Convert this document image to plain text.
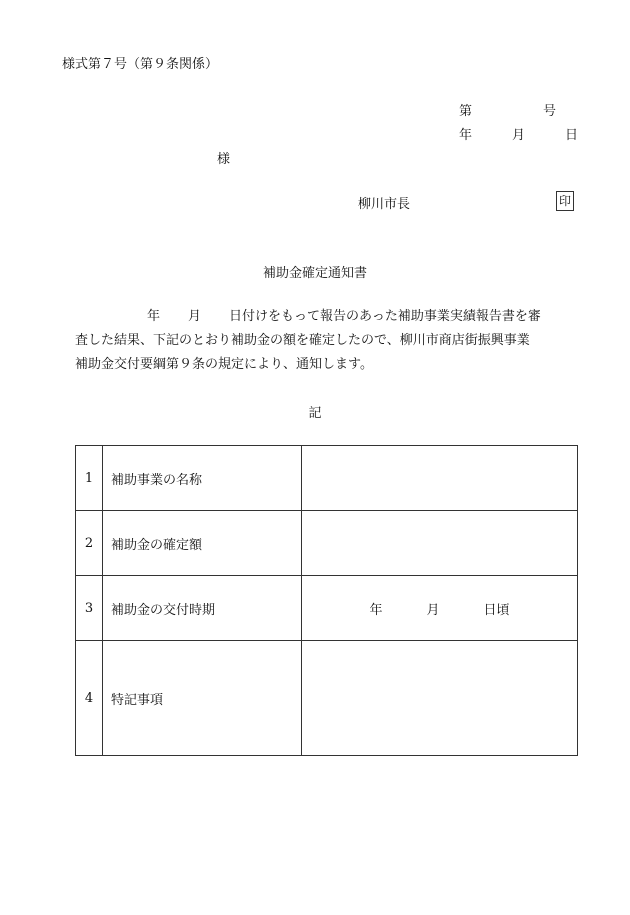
様式第７号（第９条関係）
第	号
年	月	日
様
柳川市長	印
補助金確定通知書
年 月 日付けをもって報告のあった補助事業実績報告書を審
査した結果、下記のとおり補助金の額を確定したので、柳川市商店街振興事業
補助金交付要綱第９条の規定により、通知します。
記
1	補助事業の名称	
2	補助金の確定額	
3	補助金の交付時期	年 月 日頃
4	特記事項	
